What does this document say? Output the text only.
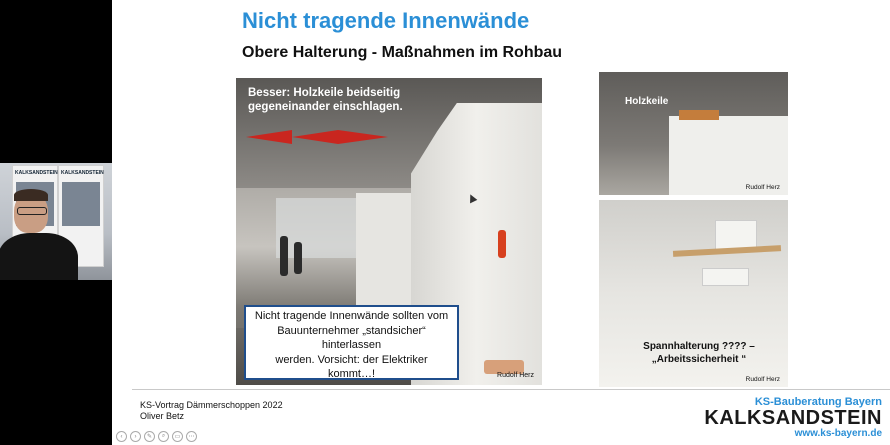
KALKSANDSTEIN KALKSANDSTEIN
Nicht tragende Innenwände
Obere Halterung - Maßnahmen im Rohbau
Besser: Holzkeile beidseitig
gegeneinander einschlagen.
Rudolf Herz
Nicht tragende Innenwände sollten vom
Bauunternehmer „standsicher“
hinterlassen
werden. Vorsicht: der Elektriker
kommt…!
Holzkeile
Rudolf Herz
Spannhalterung ???? –
„Arbeitssicherheit “
Rudolf Herz
KS-Vortrag Dämmerschoppen 2022
Oliver Betz
KS-Bauberatung Bayern
KALKSANDSTEIN
www.ks-bayern.de
‹	›	✎	⌕	▭	⋯
